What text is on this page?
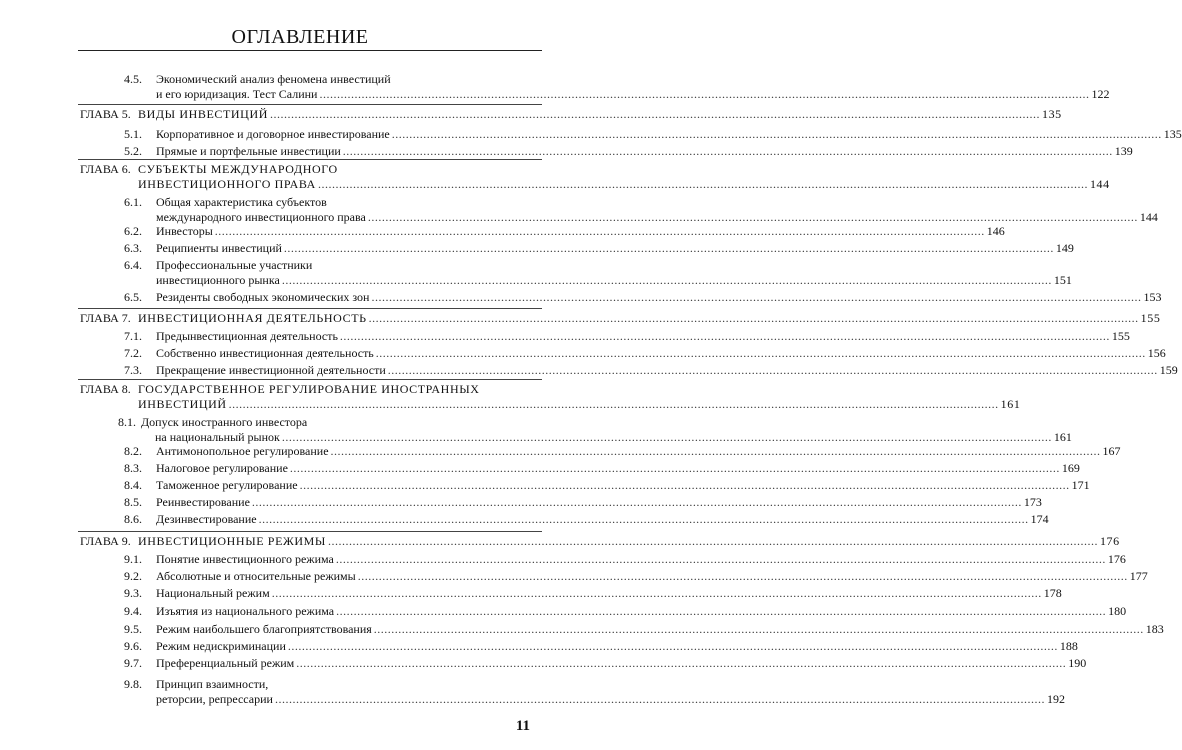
ОГЛАВЛЕНИЕ
4.5. Экономический анализ феномена инвестиций
и его юридизация. Тест Салини ............................................................................................................................................................................................................................ 122
ГЛАВА 5. ВИДЫ ИНВЕСТИЦИЙ ............................................................................................................................................................................................................................ 135
5.1. Корпоративное и договорное инвестирование ............................................................................................................................................................................................................................ 135
5.2. Прямые и портфельные инвестиции ............................................................................................................................................................................................................................ 139
ГЛАВА 6. СУБЪЕКТЫ МЕЖДУНАРОДНОГО
ИНВЕСТИЦИОННОГО ПРАВА ............................................................................................................................................................................................................................ 144
6.1. Общая характеристика субъектов
международного инвестиционного права ............................................................................................................................................................................................................................ 144
6.2. Инвесторы ............................................................................................................................................................................................................................ 146
6.3. Реципиенты инвестиций ............................................................................................................................................................................................................................ 149
6.4. Профессиональные участники
инвестиционного рынка ............................................................................................................................................................................................................................ 151
6.5. Резиденты свободных экономических зон ............................................................................................................................................................................................................................ 153
ГЛАВА 7. ИНВЕСТИЦИОННАЯ ДЕЯТЕЛЬНОСТЬ ............................................................................................................................................................................................................................ 155
7.1. Предынвестиционная деятельность ............................................................................................................................................................................................................................ 155
7.2. Собственно инвестиционная деятельность ............................................................................................................................................................................................................................ 156
7.3. Прекращение инвестиционной деятельности ............................................................................................................................................................................................................................ 159
ГЛАВА 8. ГОСУДАРСТВЕННОЕ РЕГУЛИРОВАНИЕ ИНОСТРАННЫХ
ИНВЕСТИЦИЙ ............................................................................................................................................................................................................................ 161
8.1. Допуск иностранного инвестора
на национальный рынок ............................................................................................................................................................................................................................ 161
8.2. Антимонопольное регулирование ............................................................................................................................................................................................................................ 167
8.3. Налоговое регулирование ............................................................................................................................................................................................................................ 169
8.4. Таможенное регулирование ............................................................................................................................................................................................................................ 171
8.5. Реинвестирование ............................................................................................................................................................................................................................ 173
8.6. Дезинвестирование ............................................................................................................................................................................................................................ 174
ГЛАВА 9. ИНВЕСТИЦИОННЫЕ РЕЖИМЫ ............................................................................................................................................................................................................................ 176
9.1. Понятие инвестиционного режима ............................................................................................................................................................................................................................ 176
9.2. Абсолютные и относительные режимы ............................................................................................................................................................................................................................ 177
9.3. Национальный режим ............................................................................................................................................................................................................................ 178
9.4. Изъятия из национального режима ............................................................................................................................................................................................................................ 180
9.5. Режим наибольшего благоприятствования ............................................................................................................................................................................................................................ 183
9.6. Режим недискриминации ............................................................................................................................................................................................................................ 188
9.7. Преференциальный режим ............................................................................................................................................................................................................................ 190
9.8. Принцип взаимности,
реторсии, репрессарии ............................................................................................................................................................................................................................ 192
11
